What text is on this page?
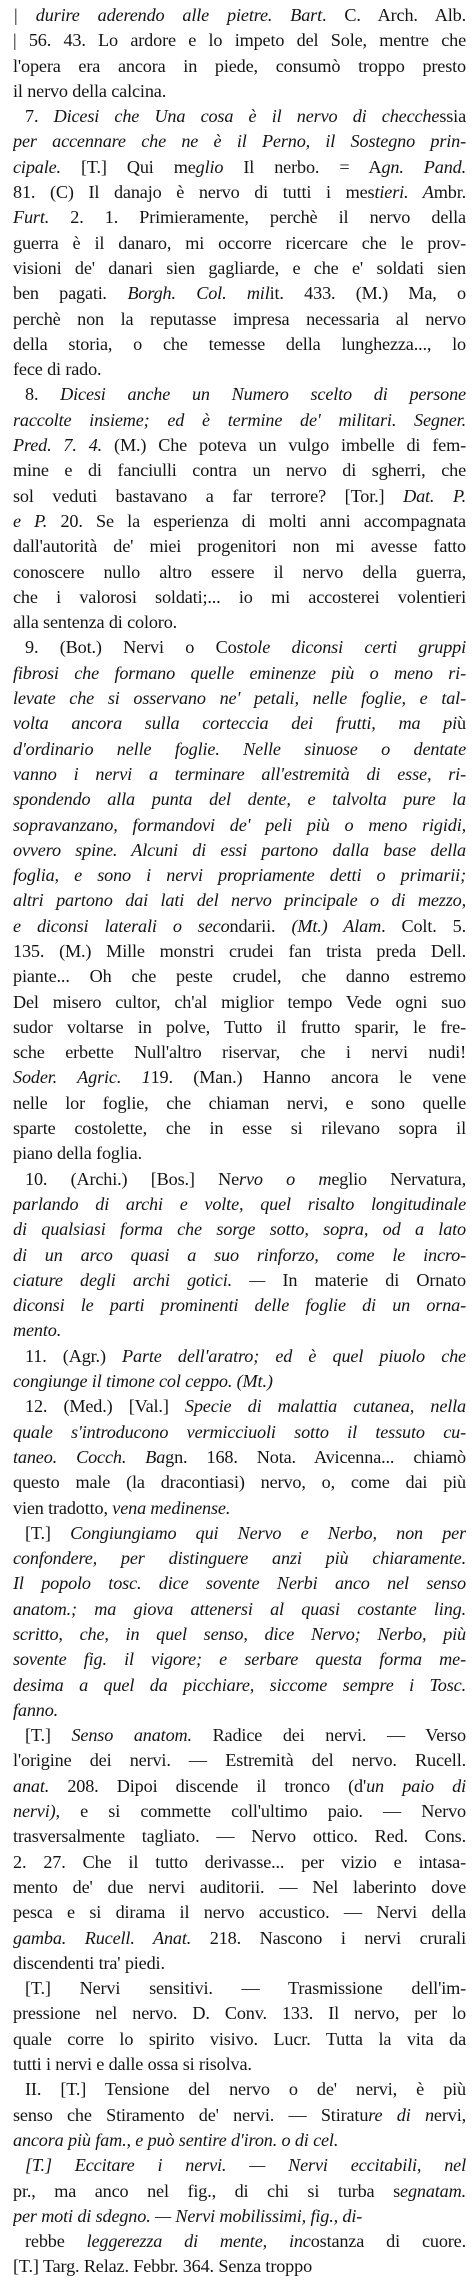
| durire aderendo alle pietre. Bart. C. Arch. Alb.
| 56. 43. Lo ardore e lo impeto del Sole, mentre che
l'opera era ancora in piede, consumò troppo presto
il nervo della calcina.
7. Dicesi che Una cosa è il nervo di checchessia
per accennare che ne è il Perno, il Sostegno prin-
cipale. [T.] Qui meglio Il nerbo. = Agn. Pand.
81. (C) Il danajo è nervo di tutti i mestieri. Ambr.
Furt. 2. 1. Primieramente, perchè il nervo della
guerra è il danaro, mi occorre ricercare che le prov-
visioni de' danari sien gagliarde, e che e' soldati sien
ben pagati. Borgh. Col. milit. 433. (M.) Ma, o
perchè non la reputasse impresa necessaria al nervo
della storia, o che temesse della lunghezza..., lo
fece di rado.
8. Dicesi anche un Numero scelto di persone
raccolte insieme; ed è termine de' militari. Segner.
Pred. 7. 4. (M.) Che poteva un vulgo imbelle di fem-
mine e di fanciulli contra un nervo di sgherri, che
sol veduti bastavano a far terrore? [Tor.] Dat. P.
e P. 20. Se la esperienza di molti anni accompagnata
dall'autorità de' miei progenitori non mi avesse fatto
conoscere nullo altro essere il nervo della guerra,
che i valorosi soldati;... io mi accosterei volentieri
alla sentenza di coloro.
9. (Bot.) Nervi o Costole diconsi certi gruppi
fibrosi che formano quelle eminenze più o meno ri-
levate che si osservano ne' petali, nelle foglie, e tal-
volta ancora sulla corteccia dei frutti, ma più
d'ordinario nelle foglie. Nelle sinuose o dentate
vanno i nervi a terminare all'estremità di esse, ri-
spondendo alla punta del dente, e talvolta pure la
sopravanzano, formandovi de' peli più o meno rigidi,
ovvero spine. Alcuni di essi partono dalla base della
foglia, e sono i nervi propriamente detti o primarii;
altri partono dai lati del nervo principale o di mezzo,
e diconsi laterali o secondarii. (Mt.) Alam. Colt. 5.
135. (M.) Mille monstri crudei fan trista preda Dell.
piante... Oh che peste crudel, che danno estremo
Del misero cultor, ch'al miglior tempo Vede ogni suo
sudor voltarse in polve, Tutto il frutto sparir, le fre-
sche erbette Null'altro riservar, che i nervi nudi!
Soder. Agric. 119. (Man.) Hanno ancora le vene
nelle lor foglie, che chiaman nervi, e sono quelle
sparte costolette, che in esse si rilevano sopra il
piano della foglia.
10. (Archi.) [Bos.] Nervo o meglio Nervatura,
parlando di archi e volte, quel risalto longitudinale
di qualsiasi forma che sorge sotto, sopra, od a lato
di un arco quasi a suo rinforzo, come le incro-
ciature degli archi gotici. — In materie di Ornato
diconsi le parti prominenti delle foglie di un orna-
mento.
11. (Agr.) Parte dell'aratro; ed è quel piuolo che
congiunge il timone col ceppo. (Mt.)
12. (Med.) [Val.] Specie di malattia cutanea, nella
quale s'introducono vermicciuoli sotto il tessuto cu-
taneo. Cocch. Bagn. 168. Nota. Avicenna... chiamò
questo male (la dracontiasi) nervo, o, come dai più
vien tradotto, vena medinense.
[T.] Congiungiamo qui Nervo e Nerbo, non per
confondere, per distinguere anzi più chiaramente.
Il popolo tosc. dice sovente Nerbi anco nel senso
anatom.; ma giova attenersi al quasi costante ling.
scritto, che, in quel senso, dice Nervo; Nerbo, più
sovente fig. il vigore; e serbare questa forma me-
desima a quel da picchiare, siccome sempre i Tosc.
fanno.
[T.] Senso anatom. Radice dei nervi. — Verso
l'origine dei nervi. — Estremità del nervo. Rucell.
anat. 208. Dipoi discende il tronco (d'un paio di
nervi), e si commette coll'ultimo paio. — Nervo
trasversalmente tagliato. — Nervo ottico. Red. Cons.
2. 27. Che il tutto derivasse... per vizio e intasa-
mento de' due nervi auditorii. — Nel laberinto dove
pesca e si dirama il nervo accustico. — Nervi della
gamba. Rucell. Anat. 218. Nascono i nervi crurali
discendenti tra' piedi.
[T.] Nervi sensitivi. — Trasmissione dell'im-
pressione nel nervo. D. Conv. 133. Il nervo, per lo
quale corre lo spirito visivo. Lucr. Tutta la vita da
tutti i nervi e dalle ossa si risolva.
II. [T.] Tensione del nervo o de' nervi, è più
senso che Stiramento de' nervi. — Stirature di nervi,
ancora più fam., e può sentire d'iron. o di cel.
[T.] Eccitare i nervi. — Nervi eccitabili, nel
pr., ma anco nel fig., di chi si turba segnatam.
per moti di sdegno. — Nervi mobilissimi, fig., di-
rebbe leggerezza di mente, incostanza di cuore.
[T.] Targ. Relaz. Febbr. 364. Senza troppo
